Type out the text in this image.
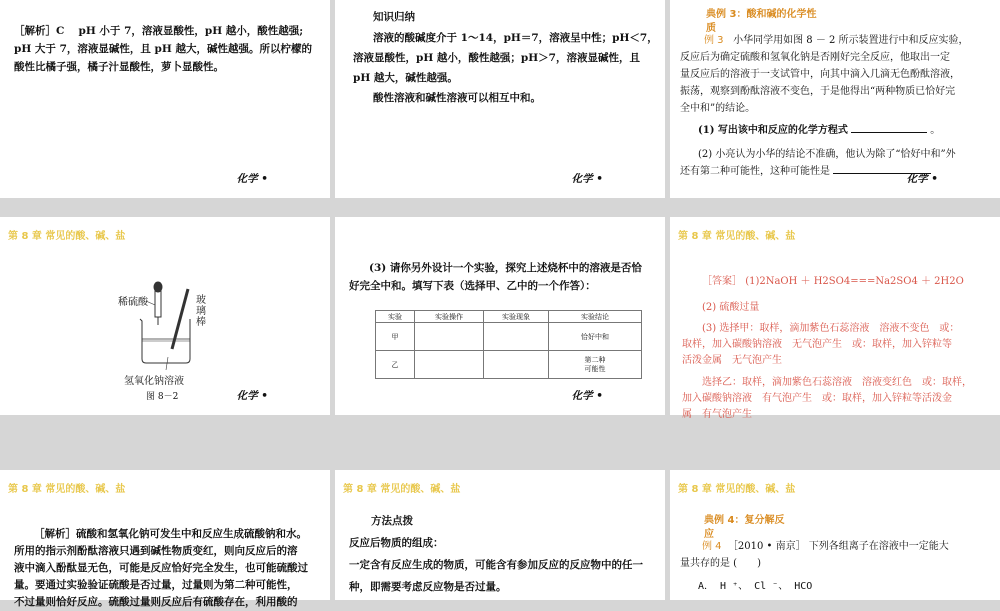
［解析］C　 pH 小于 7，溶液显酸性，pH 越小，酸性越强;
pH 大于 7，溶液显碱性，且 pH 越大，碱性越强。所以柠檬的
酸性比橘子强，橘子汁显酸性，萝卜显酸性。

化学 •

知识归纳

溶液的酸碱度介于 1～14，pH＝7，溶液呈中性；pH＜7，
溶液显酸性，pH 越小，酸性越强；pH＞7，溶液显碱性，且
pH 越大，碱性越强。
酸性溶液和碱性溶液可以相互中和。

化学 •
典例 3：酸和碱的化学性
质

例 3 小华同学用如图 8 － 2 所示装置进行中和反应实验，
反应后为确定硫酸和氢氧化钠是否刚好完全反应，他取出一定
量反应后的溶液于一支试管中，向其中滴入几滴无色酚酞溶液，
振荡，观察到酚酞溶液不变色，于是他得出“两种物质已恰好完
全中和”的结论。

(1) 写出该中和反应的化学方程式	。

(2) 小亮认为小华的结论不准确，他认为除了“恰好中和”外
还有第二种可能性，这种可能性是

化学 •
第 8 章 常见的酸、碱、盐
稀硫酸	玻璃棒
氢氧化钠溶液
图 8－2	化学 •

(3) 请你另外设计一个实验，探究上述烧杯中的溶液是否恰
好完全中和。填写下表（选择甲、乙中的一个作答）：

实验	实验操作	实验现象	实验结论
甲			恰好中和
乙			第二种可能性
化学 •
第 8 章 常见的酸、碱、盐

［答案］ (1)2NaOH ＋ H2SO4===Na2SO4 ＋ 2H2O

(2) 硫酸过量

(3) 选择甲：取样，滴加紫色石蕊溶液　溶液不变色　或：
取样，加入碳酸钠溶液　无气泡产生　或：取样，加入锌粒等
活泼金属　无气泡产生

选择乙：取样，滴加紫色石蕊溶液　溶液变红色　或：取样，
加入碳酸钠溶液　有气泡产生　或：取样，加入锌粒等活泼金
属　有气泡产生

第 8 章 常见的酸、碱、盐

［解析］硫酸和氢氧化钠可发生中和反应生成硫酸钠和水。
所用的指示剂酚酞溶液只遇到碱性物质变红，则向反应后的溶
液中滴入酚酞显无色，可能是反应恰好完全发生，也可能硫酸过
量。要通过实验验证硫酸是否过量，过量则为第二种可能性，
不过量则恰好反应。硫酸过量则反应后有硫酸存在，利用酸的

第 8 章 常见的酸、碱、盐

方法点拨

反应后物质的组成：
一定含有反应生成的物质，可能含有参加反应的反应物中的任一
种，即需要考虑反应物是否过量。

第 8 章 常见的酸、碱、盐
典例 4：复分解反
应

例 4 ［2010 • 南京］ 下列各组离子在溶液中一定能大
量共存的是 (　　)

A． H ⁺、 Cl ⁻、 HCO
